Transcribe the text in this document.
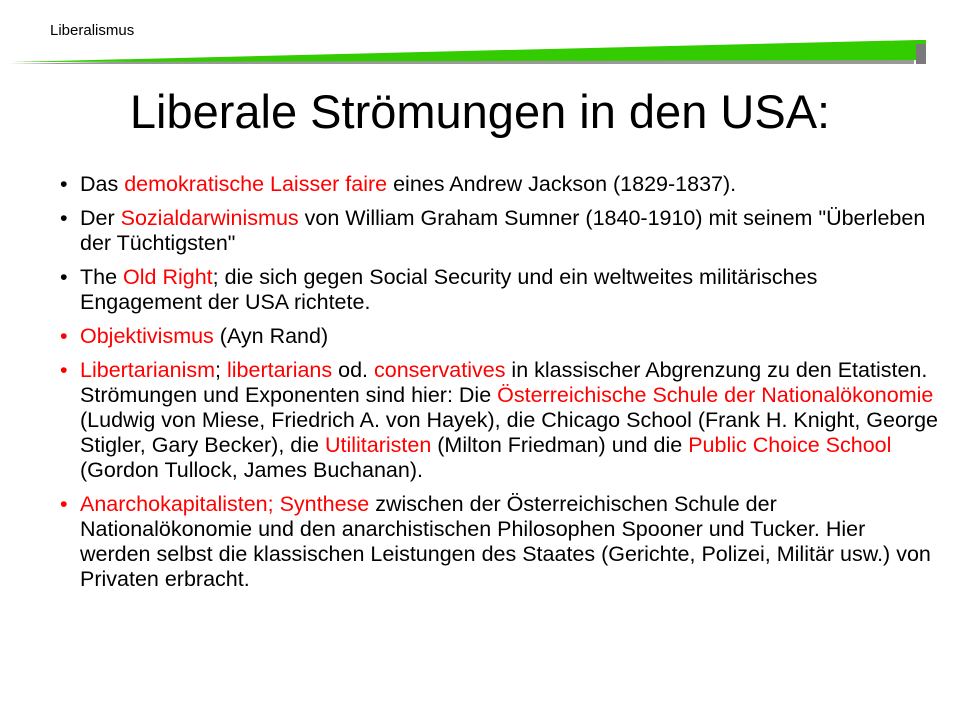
Liberalismus
Liberale Strömungen in den USA:
• Das demokratische Laisser faire eines Andrew Jackson (1829-1837).
• Der Sozialdarwinismus von William Graham Sumner (1840-1910) mit seinem "Überleben der Tüchtigsten"
• The Old Right; die sich gegen Social Security und ein weltweites militärisches Engagement der USA richtete.
• Objektivismus (Ayn Rand)
• Libertarianism; libertarians od. conservatives in klassischer Abgrenzung zu den Etatisten. Strömungen und Exponenten sind hier: Die Österreichische Schule der Nationalökonomie (Ludwig von Miese, Friedrich A. von Hayek), die Chicago School (Frank H. Knight, George Stigler, Gary Becker), die Utilitaristen (Milton Friedman) und die Public Choice School (Gordon Tullock, James Buchanan).
• Anarchokapitalisten; Synthese zwischen der Österreichischen Schule der Nationalökonomie und den anarchistischen Philosophen Spooner und Tucker. Hier werden selbst die klassischen Leistungen des Staates (Gerichte, Polizei, Militär usw.) von Privaten erbracht.
